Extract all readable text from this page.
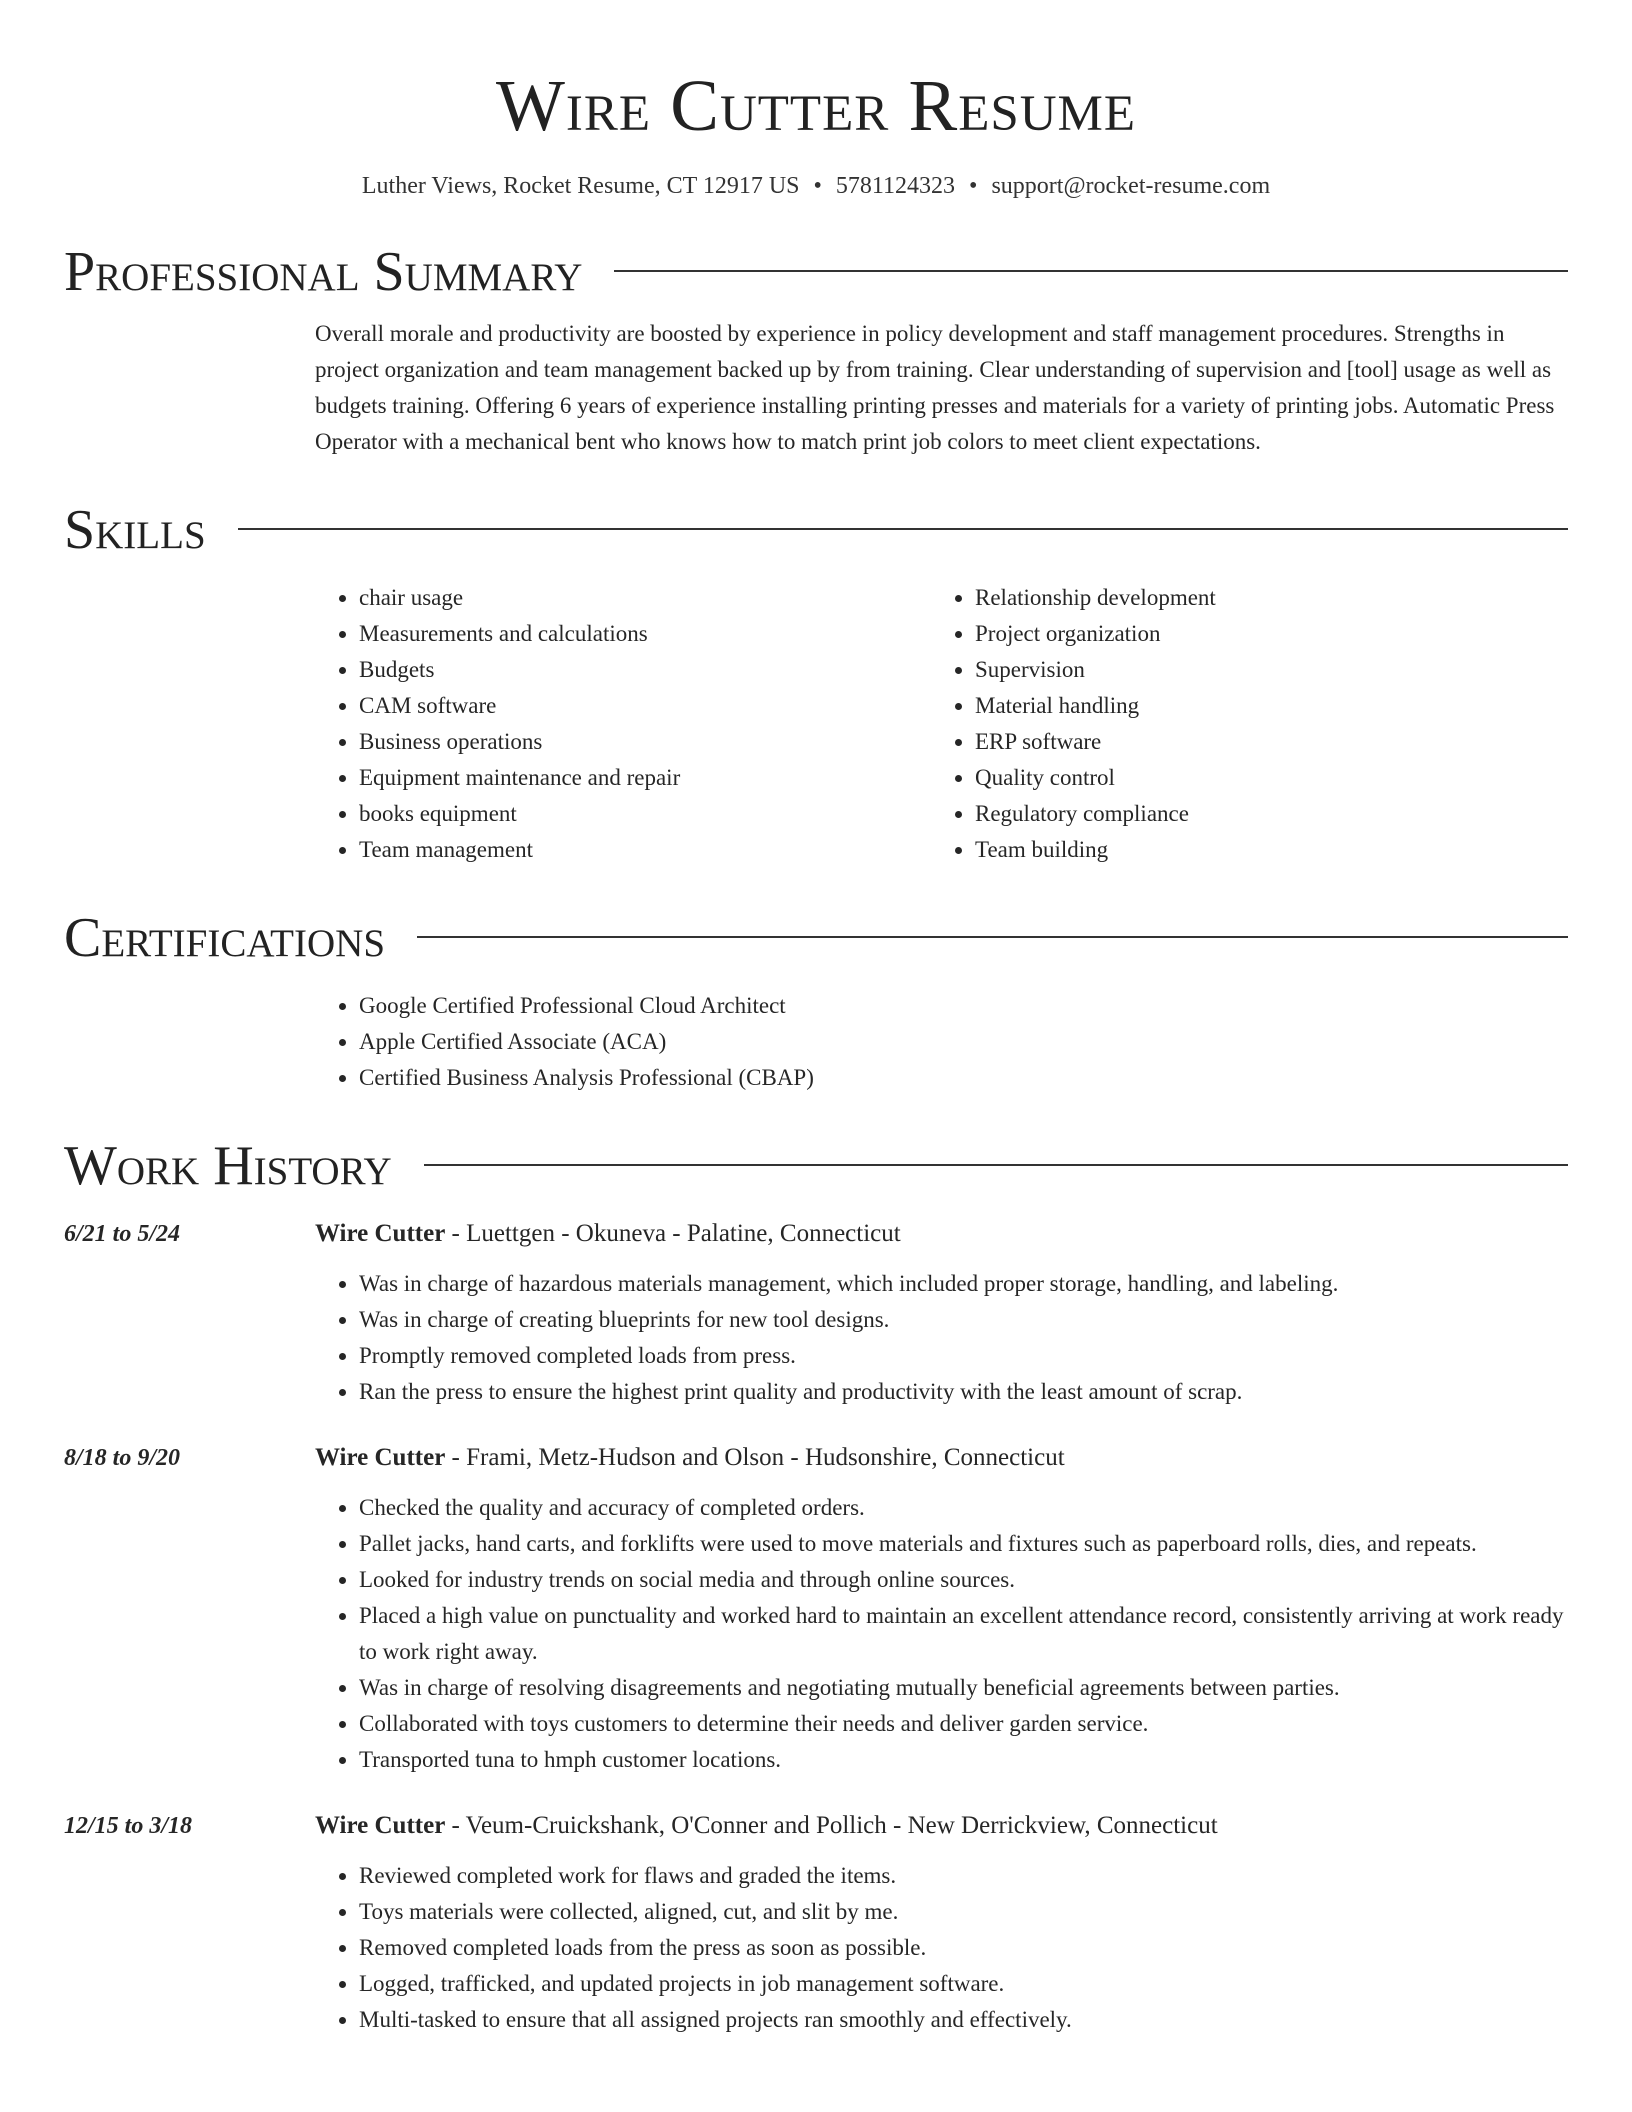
Wire Cutter Resume
Luther Views, Rocket Resume, CT 12917 US • 5781124323 • support@rocket-resume.com
Professional Summary
Overall morale and productivity are boosted by experience in policy development and staff management procedures. Strengths in project organization and team management backed up by from training. Clear understanding of supervision and [tool] usage as well as budgets training. Offering 6 years of experience installing printing presses and materials for a variety of printing jobs. Automatic Press Operator with a mechanical bent who knows how to match print job colors to meet client expectations.
Skills
• chair usage
• Measurements and calculations
• Budgets
• CAM software
• Business operations
• Equipment maintenance and repair
• books equipment
• Team management
• Relationship development
• Project organization
• Supervision
• Material handling
• ERP software
• Quality control
• Regulatory compliance
• Team building
Certifications
• Google Certified Professional Cloud Architect
• Apple Certified Associate (ACA)
• Certified Business Analysis Professional (CBAP)
Work History
6/21 to 5/24	Wire Cutter - Luettgen - Okuneva - Palatine, Connecticut
• Was in charge of hazardous materials management, which included proper storage, handling, and labeling.
• Was in charge of creating blueprints for new tool designs.
• Promptly removed completed loads from press.
• Ran the press to ensure the highest print quality and productivity with the least amount of scrap.
8/18 to 9/20	Wire Cutter - Frami, Metz-Hudson and Olson - Hudsonshire, Connecticut
• Checked the quality and accuracy of completed orders.
• Pallet jacks, hand carts, and forklifts were used to move materials and fixtures such as paperboard rolls, dies, and repeats.
• Looked for industry trends on social media and through online sources.
• Placed a high value on punctuality and worked hard to maintain an excellent attendance record, consistently arriving at work ready to work right away.
• Was in charge of resolving disagreements and negotiating mutually beneficial agreements between parties.
• Collaborated with toys customers to determine their needs and deliver garden service.
• Transported tuna to hmph customer locations.
12/15 to 3/18	Wire Cutter - Veum-Cruickshank, O'Conner and Pollich - New Derrickview, Connecticut
• Reviewed completed work for flaws and graded the items.
• Toys materials were collected, aligned, cut, and slit by me.
• Removed completed loads from the press as soon as possible.
• Logged, trafficked, and updated projects in job management software.
• Multi-tasked to ensure that all assigned projects ran smoothly and effectively.
